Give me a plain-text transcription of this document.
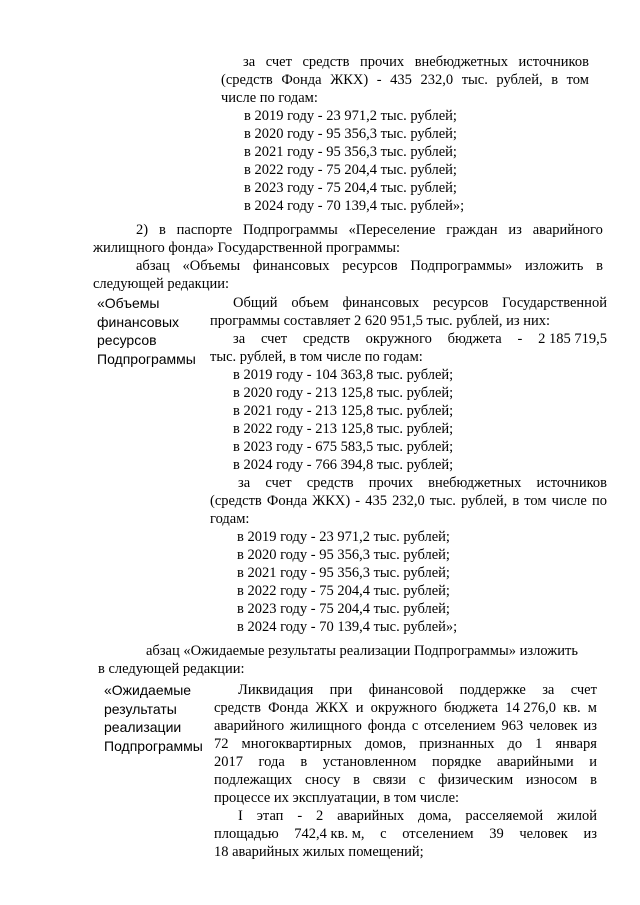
за счет средств прочих внебюджетных источников
(средств Фонда ЖКХ) - 435 232,0 тыс. рублей, в том
числе по годам:
в 2019 году - 23 971,2 тыс. рублей;
в 2020 году - 95 356,3 тыс. рублей;
в 2021 году - 95 356,3 тыс. рублей;
в 2022 году - 75 204,4 тыс. рублей;
в 2023 году - 75 204,4 тыс. рублей;
в 2024 году - 70 139,4 тыс. рублей»;
2) в паспорте Подпрограммы «Переселение граждан из аварийного
жилищного фонда» Государственной программы:
абзац «Объемы финансовых ресурсов Подпрограммы» изложить в
следующей редакции:
«Объемы
финансовых
ресурсов
Подпрограммы
Общий объем финансовых ресурсов Государственной
программы составляет 2 620 951,5 тыс. рублей, из них:
за счет средств окружного бюджета - 2 185 719,5
тыс. рублей, в том числе по годам:
в 2019 году - 104 363,8 тыс. рублей;
в 2020 году - 213 125,8 тыс. рублей;
в 2021 году - 213 125,8 тыс. рублей;
в 2022 году - 213 125,8 тыс. рублей;
в 2023 году - 675 583,5 тыс. рублей;
в 2024 году - 766 394,8 тыс. рублей;
за счет средств прочих внебюджетных источников
(средств Фонда ЖКХ) - 435 232,0 тыс. рублей, в том числе по
годам:
в 2019 году - 23 971,2 тыс. рублей;
в 2020 году - 95 356,3 тыс. рублей;
в 2021 году - 95 356,3 тыс. рублей;
в 2022 году - 75 204,4 тыс. рублей;
в 2023 году - 75 204,4 тыс. рублей;
в 2024 году - 70 139,4 тыс. рублей»;
абзац «Ожидаемые результаты реализации Подпрограммы» изложить
в следующей редакции:
«Ожидаемые
результаты
реализации
Подпрограммы
Ликвидация при финансовой поддержке за счет
средств Фонда ЖКХ и окружного бюджета 14 276,0 кв. м
аварийного жилищного фонда с отселением 963 человек из
72 многоквартирных домов, признанных до 1 января
2017 года в установленном порядке аварийными и
подлежащих сносу в связи с физическим износом в
процессе их эксплуатации, в том числе:
I этап - 2 аварийных дома, расселяемой жилой
площадью 742,4 кв. м, с отселением 39 человек из
18 аварийных жилых помещений;
